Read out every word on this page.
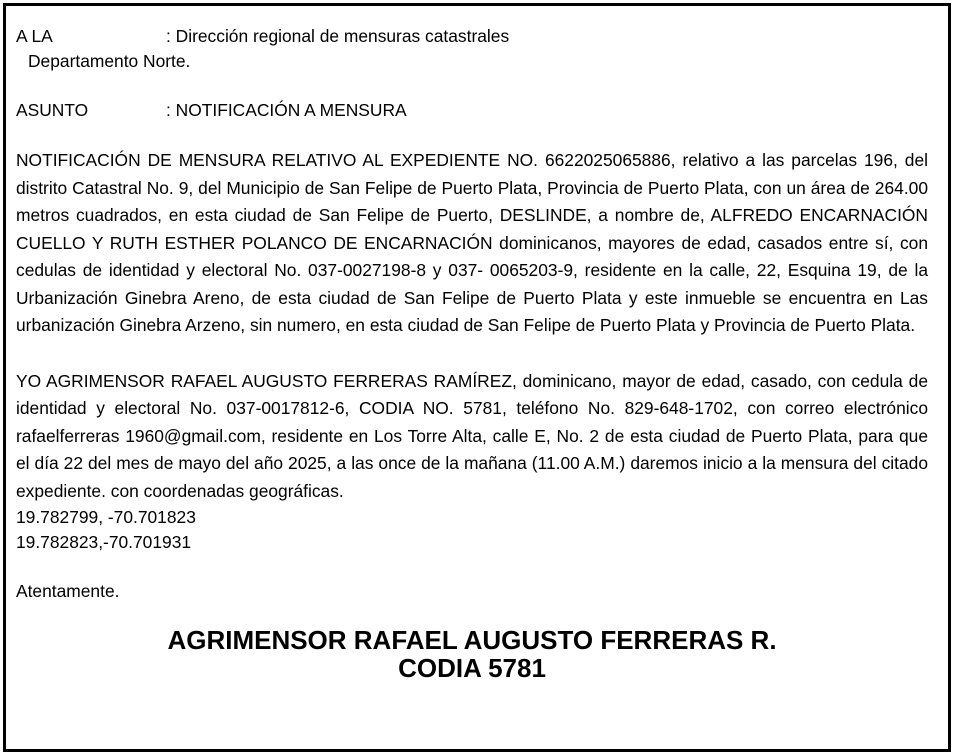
A LA	: Dirección regional de mensuras catastrales
Departamento Norte.
ASUNTO	: NOTIFICACIÓN A MENSURA

NOTIFICACIÓN DE MENSURA RELATIVO AL EXPEDIENTE NO. 6622025065886, relativo a las parcelas 196, del distrito Catastral No. 9, del Municipio de San Felipe de Puerto Plata, Provincia de Puerto Plata, con un área de 264.00 metros cuadrados, en esta ciudad de San Felipe de Puerto, DESLINDE, a nombre de, ALFREDO ENCARNACIÓN CUELLO Y RUTH ESTHER POLANCO DE ENCARNACIÓN dominicanos, mayores de edad, casados entre sí, con cedulas de identidad y electoral No. 037-0027198-8 y 037- 0065203-9, residente en la calle, 22, Esquina 19, de la Urbanización Ginebra Areno, de esta ciudad de San Felipe de Puerto Plata y este inmueble se encuentra en Las urbanización Ginebra Arzeno, sin numero, en esta ciudad de San Felipe de Puerto Plata y Provincia de Puerto Plata.

YO AGRIMENSOR RAFAEL AUGUSTO FERRERAS RAMÍREZ, dominicano, mayor de edad, casado, con cedula de identidad y electoral No. 037-0017812-6, CODIA NO. 5781, teléfono No. 829-648-1702, con correo electrónico rafaelferreras 1960@gmail.com, residente en Los Torre Alta, calle E, No. 2 de esta ciudad de Puerto Plata, para que el día 22 del mes de mayo del año 2025, a las once de la mañana (11.00 A.M.) daremos inicio a la mensura del citado expediente. con coordenadas geográficas.

19.782799, -70.701823
19.782823,-70.701931
Atentamente.
AGRIMENSOR RAFAEL AUGUSTO FERRERAS R.
CODIA 5781
